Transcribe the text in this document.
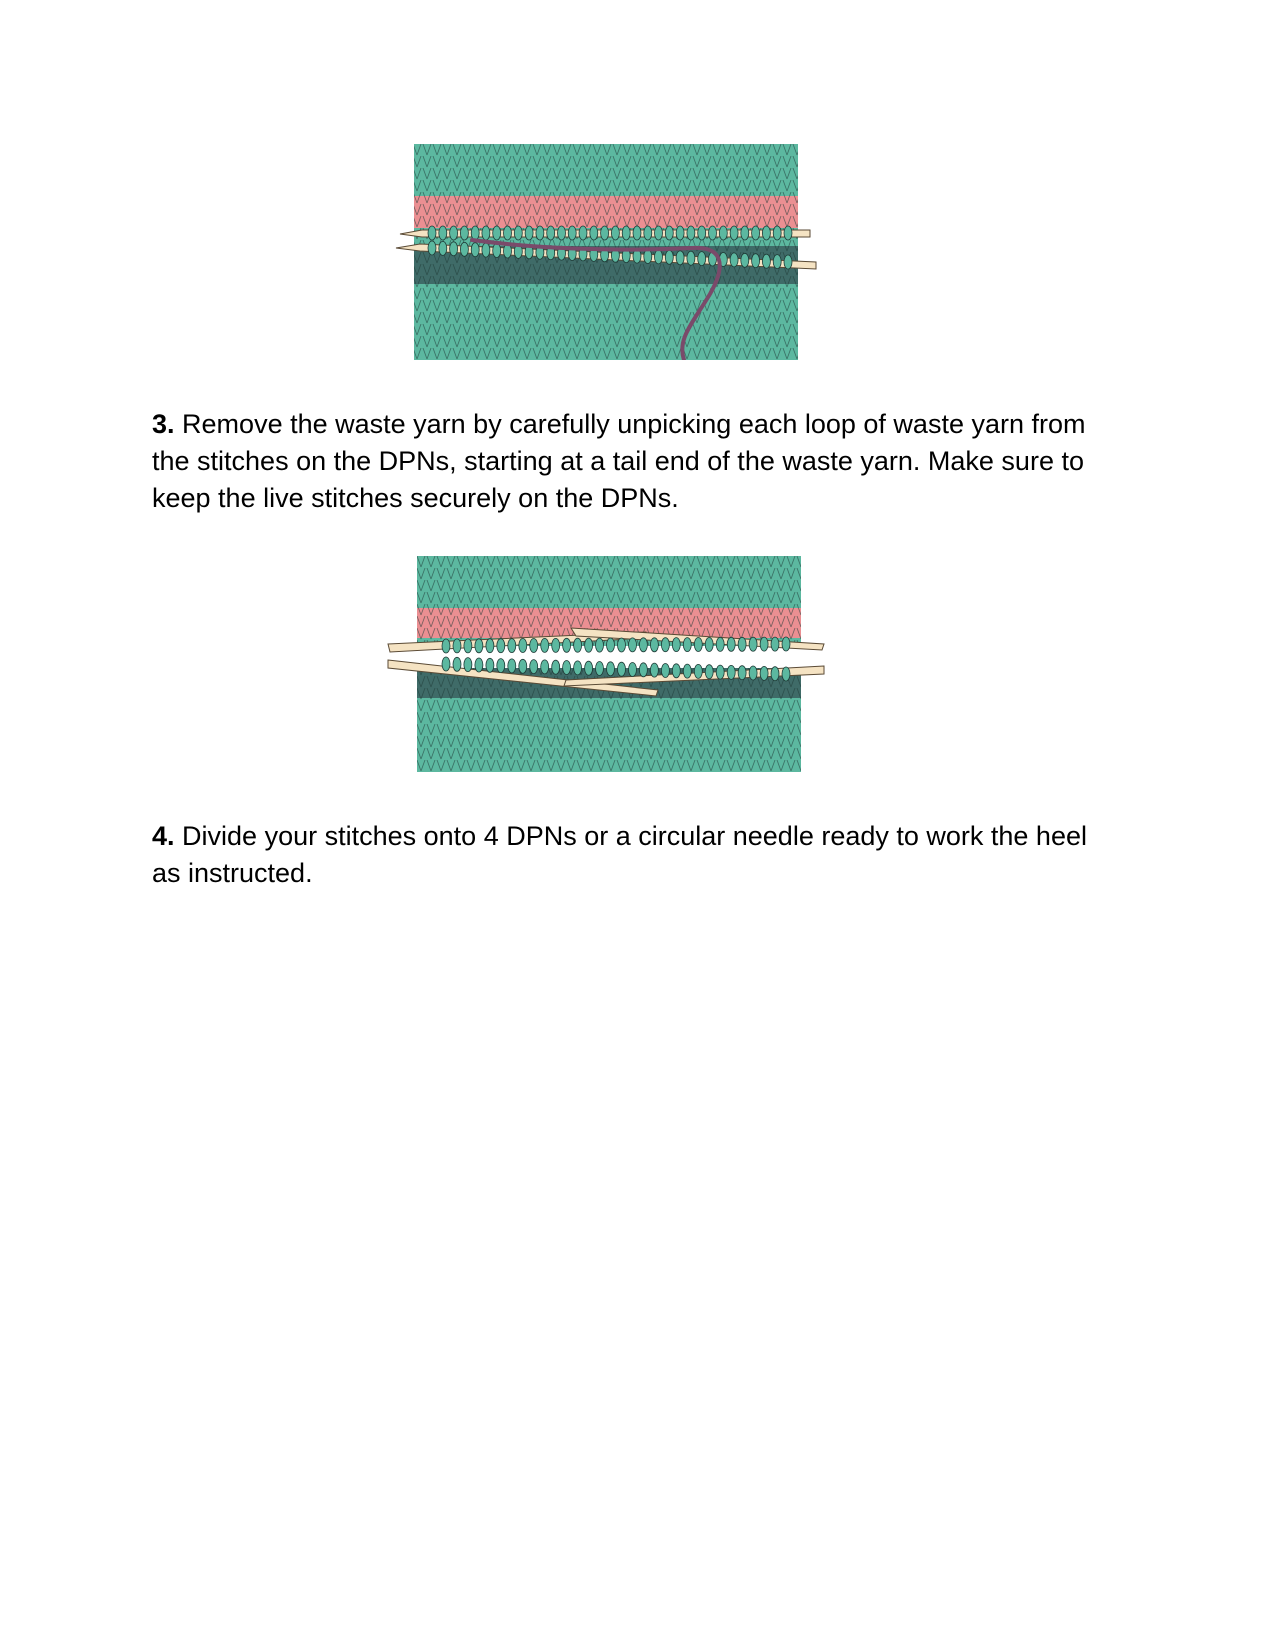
3. Remove the waste yarn by carefully unpicking each loop of waste yarn from the stitches on the DPNs, starting at a tail end of the waste yarn. Make sure to keep the live stitches securely on the DPNs.

4. Divide your stitches onto 4 DPNs or a circular needle ready to work the heel as instructed.
